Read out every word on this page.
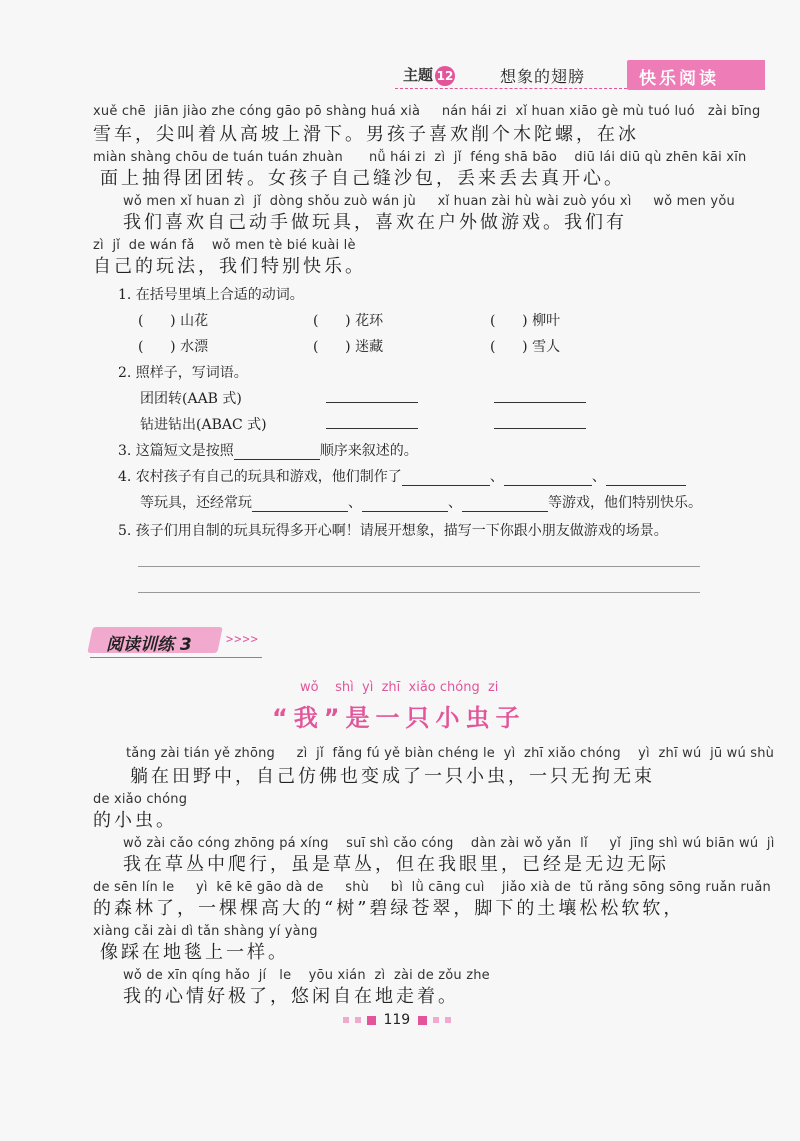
主题 12	想象的翅膀	快乐阅读
xuě chē  jiān jiào zhe cóng gāo pō shàng huá xià     nán hái zi  xǐ huan xiāo gè mù tuó luó   zài bīng
雪车，尖叫着从高坡上滑下。男孩子喜欢削个木陀螺，在冰
miàn shàng chōu de tuán tuán zhuàn      nǚ hái zi  zì  jǐ  féng shā bāo    diū lái diū qù zhēn kāi xīn
面上抽得团团转。女孩子自己缝沙包，丢来丢去真开心。
wǒ men xǐ huan zì  jǐ  dòng shǒu zuò wán jù     xǐ huan zài hù wài zuò yóu xì     wǒ men yǒu
我们喜欢自己动手做玩具，喜欢在户外做游戏。我们有
zì  jǐ  de wán fǎ    wǒ men tè bié kuài lè
自己的玩法，我们特别快乐。
1. 在括号里填上合适的动词。
(      ) 山花	(      ) 花环	(      ) 柳叶
(      ) 水漂	(      ) 迷藏	(      ) 雪人
2. 照样子，写词语。
团团转(AAB 式)
钻进钻出(ABAC 式)
3. 这篇短文是按照	顺序来叙述的。
4. 农村孩子有自己的玩具和游戏，他们制作了	、	、
等玩具，还经常玩	、	、	等游戏，他们特别快乐。
5. 孩子们用自制的玩具玩得多开心啊！请展开想象，描写一下你跟小朋友做游戏的场景。
阅读训练 3	>>>>
wǒ    shì  yì  zhī  xiǎo chóng  zi
“我”是一只小虫子
tǎng zài tián yě zhōng     zì  jǐ  fǎng fú yě biàn chéng le  yì  zhī xiǎo chóng    yì  zhī wú  jū wú shù
躺在田野中，自己仿佛也变成了一只小虫，一只无拘无束
de xiǎo chóng
的小虫。
wǒ zài cǎo cóng zhōng pá xíng    suī shì cǎo cóng    dàn zài wǒ yǎn  lǐ     yǐ  jīng shì wú biān wú  jì
我在草丛中爬行，虽是草丛，但在我眼里，已经是无边无际
de sēn lín le     yì  kē kē gāo dà de     shù     bì  lǜ cāng cuì    jiǎo xià de  tǔ rǎng sōng sōng ruǎn ruǎn
的森林了，一棵棵高大的“树”碧绿苍翠，脚下的土壤松松软软，
xiàng cǎi zài dì tǎn shàng yí yàng
像踩在地毯上一样。
wǒ de xīn qíng hǎo  jí   le    yōu xián  zì  zài de zǒu zhe
我的心情好极了，悠闲自在地走着。
119
